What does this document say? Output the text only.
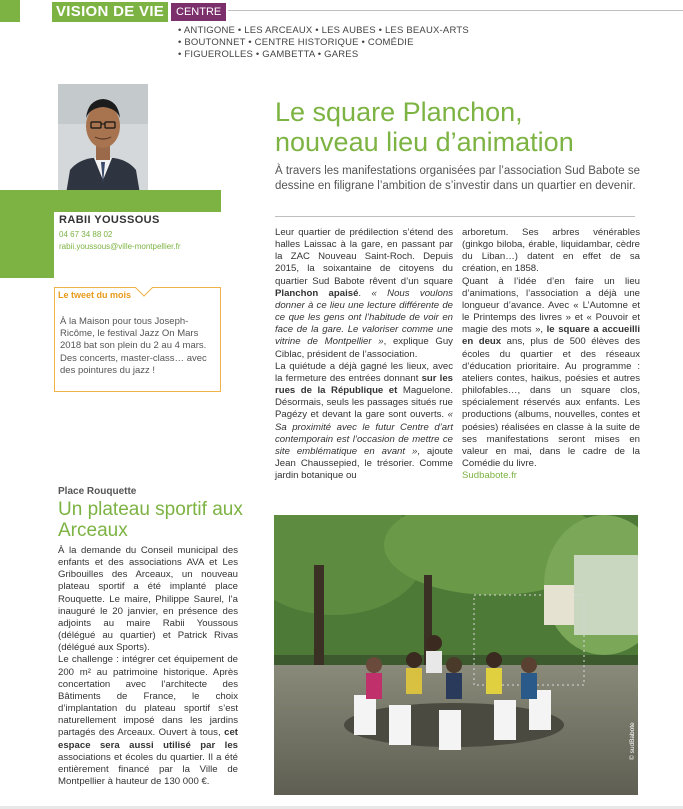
VISION DE VIE	CENTRE
• ANTIGONE • LES ARCEAUX • LES AUBES • LES BEAUX-ARTS
• BOUTONNET • CENTRE HISTORIQUE • COMÉDIE
• FIGUEROLLES • GAMBETTA • GARES
RABII YOUSSOUS
04 67 34 88 02
rabii.youssous@ville-montpellier.fr
Le tweet du mois
À la Maison pour tous Joseph-Ricôme, le festival Jazz On Mars 2018 bat son plein du 2 au 4 mars. Des concerts, master-class… avec des pointures du jazz !
Le square Planchon,
nouveau lieu d’animation
À travers les manifestations organisées par l’association Sud Babote se dessine en filigrane l’ambition de s’investir dans un quartier en devenir.

Leur quartier de prédilection s’étend des halles Laissac à la gare, en passant par la ZAC Nouveau Saint-Roch. Depuis 2015, la soixantaine de citoyens du quartier Sud Babote rêvent d’un square Planchon apaisé. « Nous voulons donner à ce lieu une lecture différente de ce que les gens ont l’habitude de voir en face de la gare. Le valoriser comme une vitrine de Montpellier », explique Guy Ciblac, président de l’association.

La quiétude a déjà gagné les lieux, avec la fermeture des entrées donnant sur les rues de la République et Maguelone. Désormais, seuls les passages situés rue Pagézy et devant la gare sont ouverts. « Sa proximité avec le futur Centre d’art contemporain est l’occasion de mettre ce site emblématique en avant », ajoute Jean Chaussepied, le trésorier. Comme jardin botanique ou

arboretum. Ses arbres vénérables (ginkgo biloba, érable, liquidambar, cèdre du Liban…) datent en effet de sa création, en 1858.

Quant à l’idée d’en faire un lieu d’animations, l’association a déjà une longueur d’avance. Avec « L’Automne et le Printemps des livres » et « Pouvoir et magie des mots », le square a accueilli en deux ans, plus de 500 élèves des écoles du quartier et des réseaux d’éducation prioritaire. Au programme : ateliers contes, haikus, poésies et autres philofables…, dans un square clos, spécialement réservés aux enfants. Les productions (albums, nouvelles, contes et poésies) réalisées en classe à la suite de ses manifestations seront mises en valeur en mai, dans le cadre de la Comédie du livre.

Sudbabote.fr

Place Rouquette
Un plateau sportif aux Arceaux

À la demande du Conseil municipal des enfants et des associations AVA et Les Gribouilles des Arceaux, un nouveau plateau sportif a été implanté place Rouquette. Le maire, Philippe Saurel, l’a inauguré le 20 janvier, en présence des adjoints au maire Rabii Youssous (délégué au quartier) et Patrick Rivas (délégué aux Sports).

Le challenge : intégrer cet équipement de 200 m² au patrimoine historique. Après concertation avec l’architecte des Bâtiments de France, le choix d’implantation du plateau sportif s’est naturellement imposé dans les jardins partagés des Arceaux. Ouvert à tous, cet espace sera aussi utilisé par les associations et écoles du quartier. Il a été entièrement financé par la Ville de Montpellier à hauteur de 130 000 €.

© sudBabote
